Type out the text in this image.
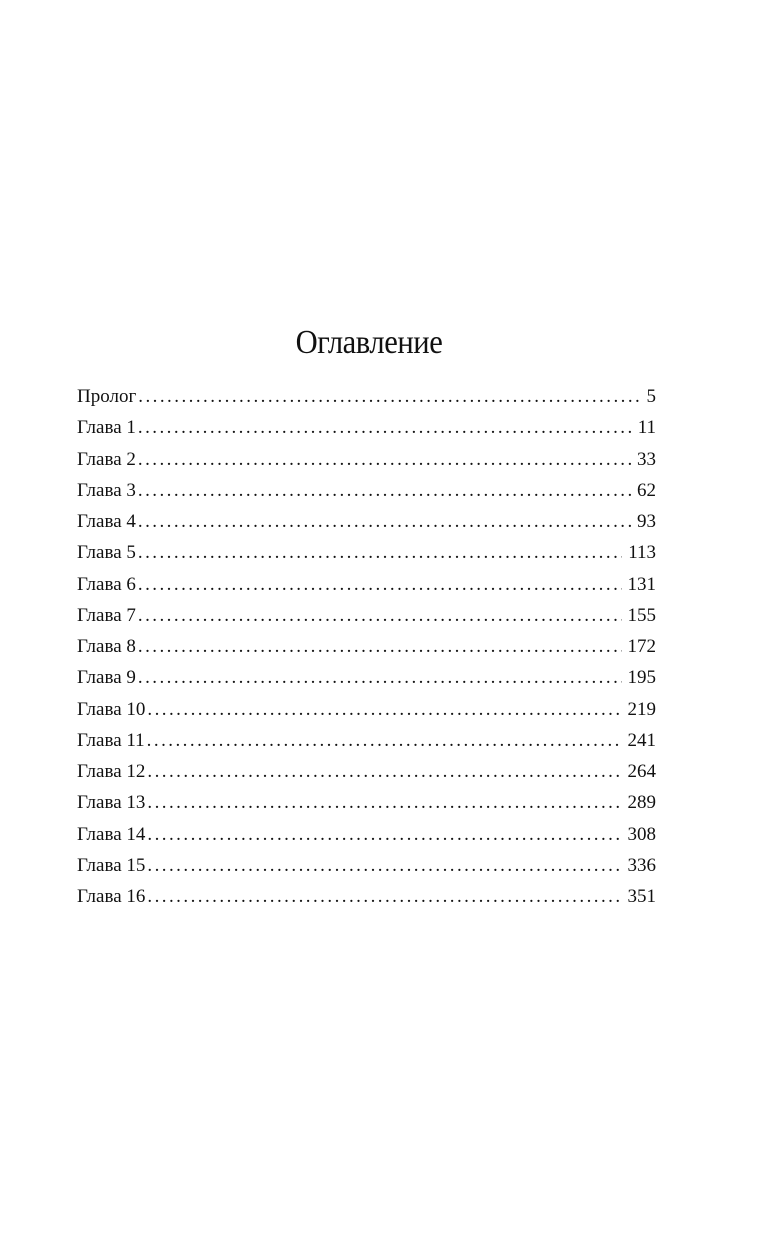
Оглавление
Пролог .....	5
Глава 1 .....	11
Глава 2 .....	33
Глава 3 .....	62
Глава 4 .....	93
Глава 5 .....	113
Глава 6 .....	131
Глава 7 .....	155
Глава 8 .....	172
Глава 9 .....	195
Глава 10 .....	219
Глава 11 .....	241
Глава 12 .....	264
Глава 13 .....	289
Глава 14 .....	308
Глава 15 .....	336
Глава 16 .....	351
